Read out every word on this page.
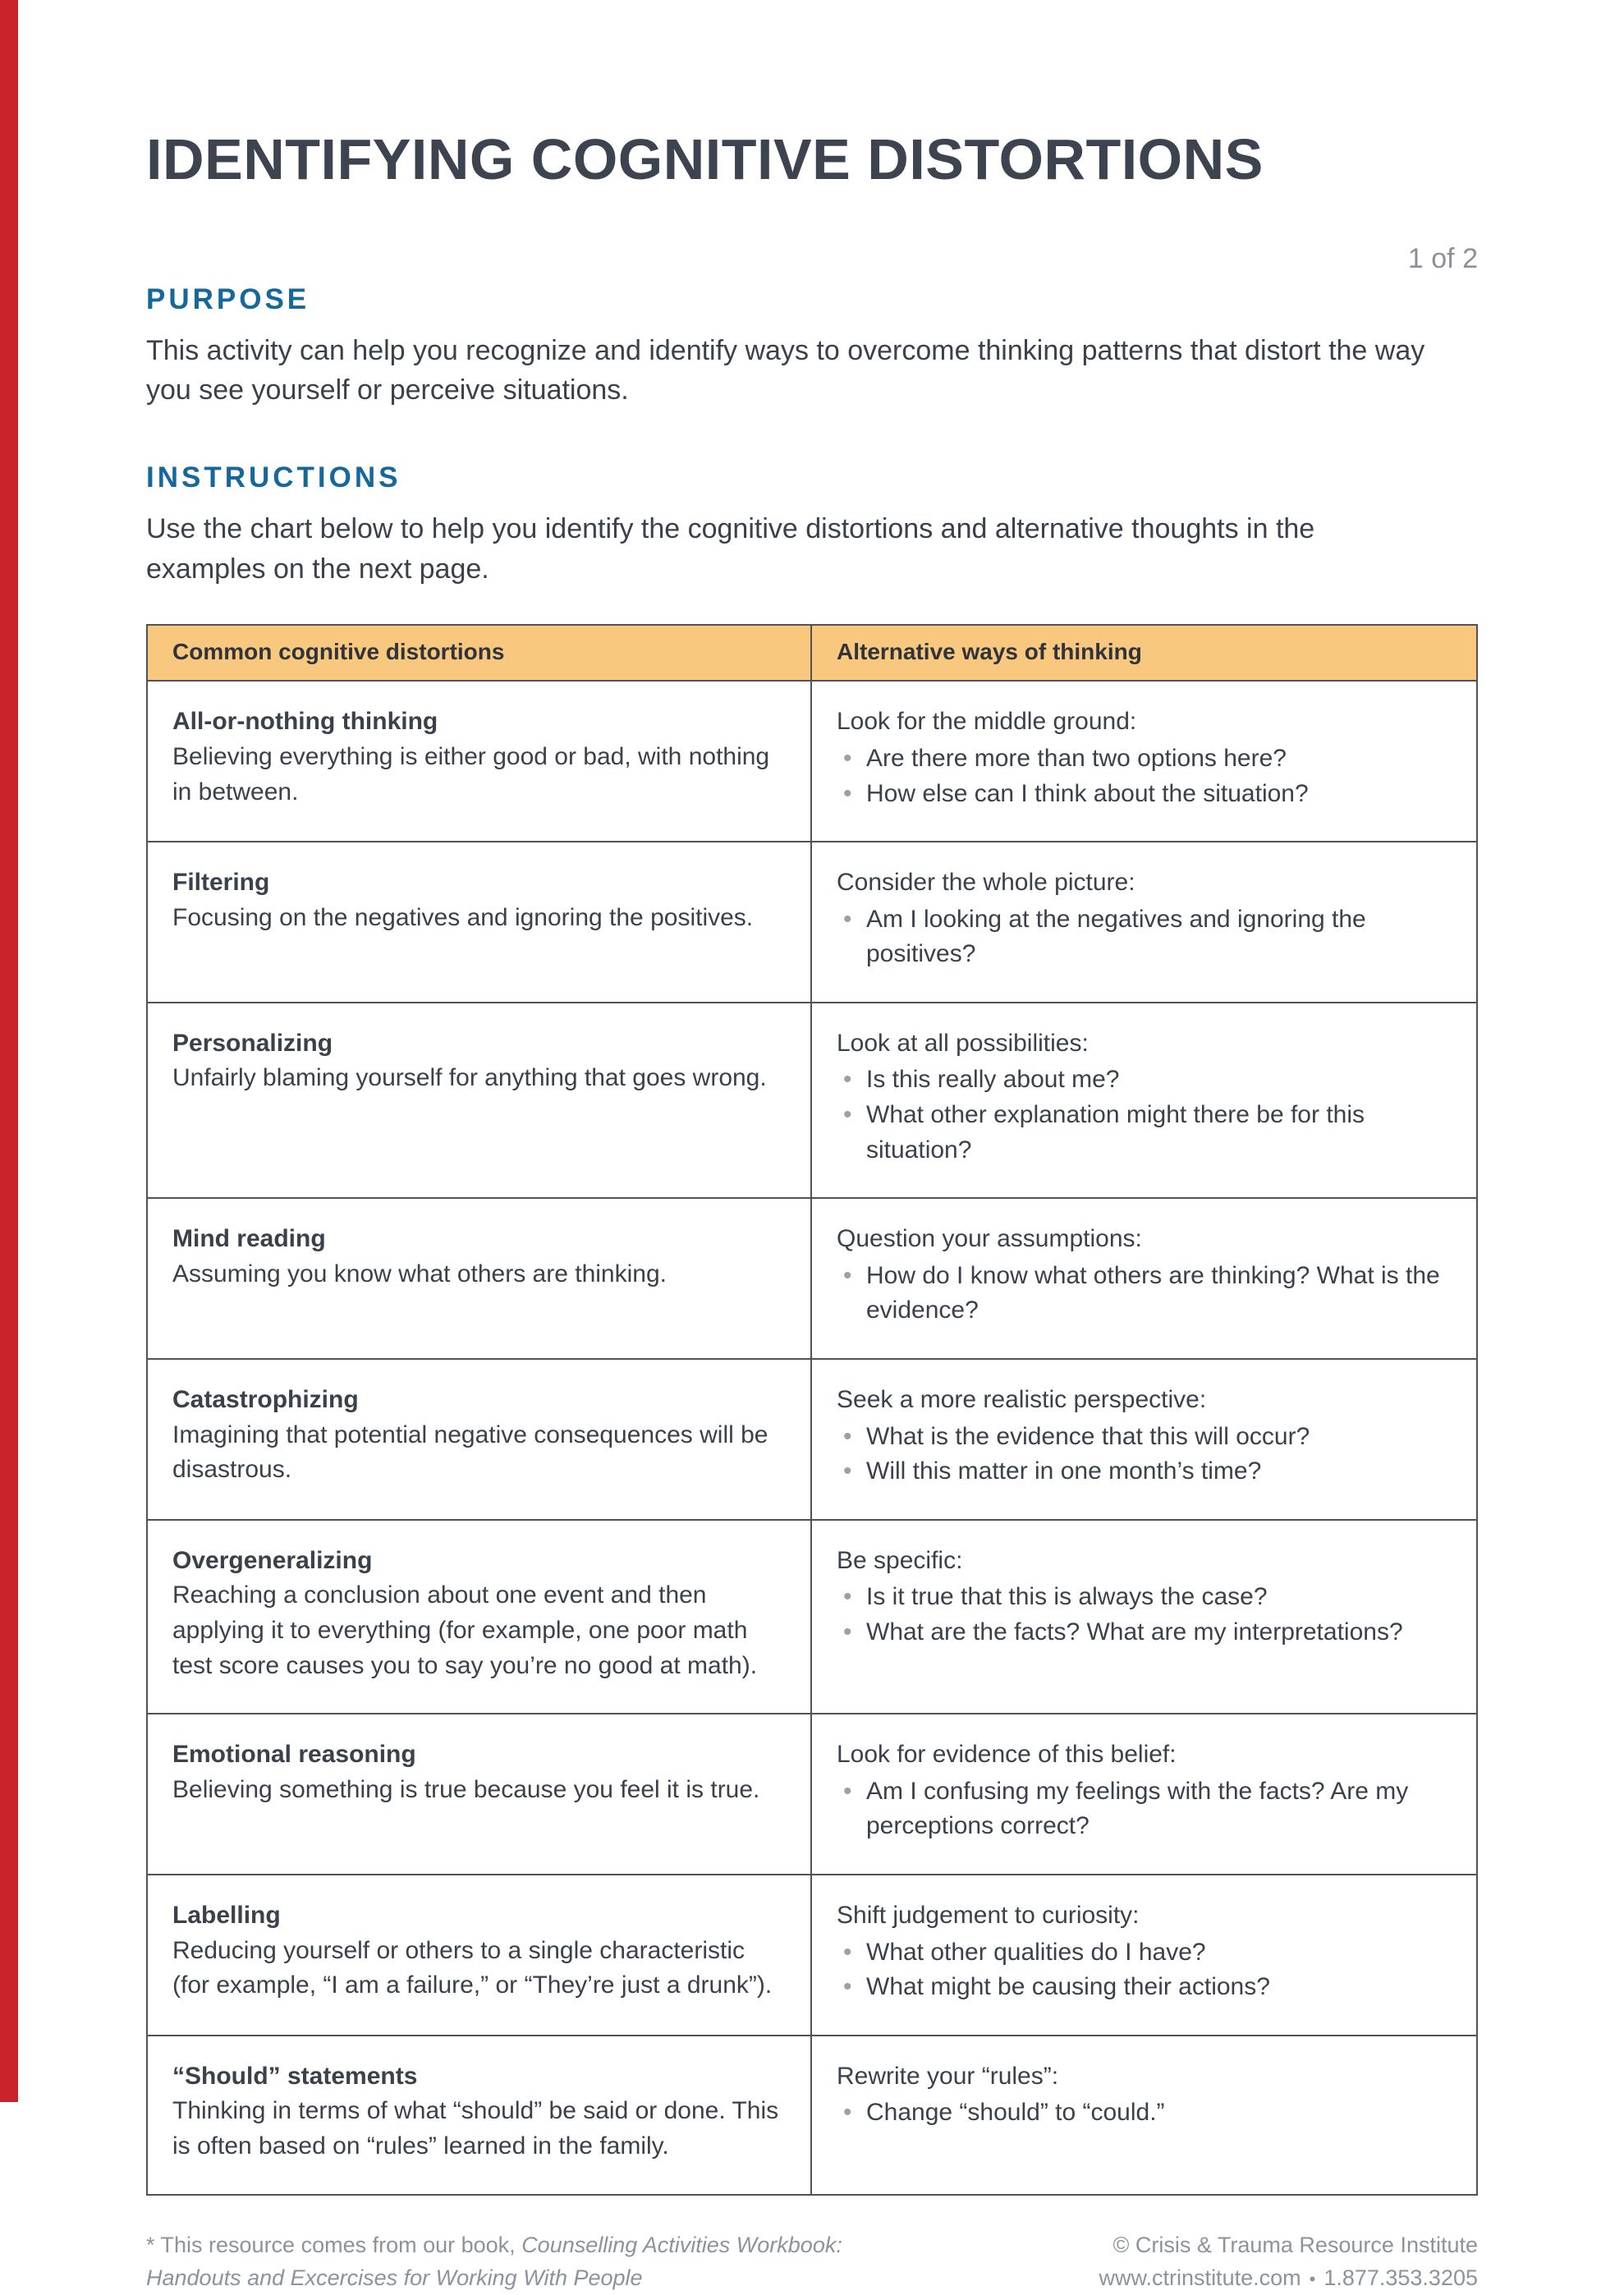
IDENTIFYING COGNITIVE DISTORTIONS
1 of 2
PURPOSE

This activity can help you recognize and identify ways to overcome thinking patterns that distort the way you see yourself or perceive situations.

INSTRUCTIONS

Use the chart below to help you identify the cognitive distortions and alternative thoughts in the examples on the next page.

Common cognitive distortions	Alternative ways of thinking
All-or-nothing thinking
Believing everything is either good or bad, with nothing in between.
Look for the middle ground:
• Are there more than two options here?
• How else can I think about the situation?
Filtering
Focusing on the negatives and ignoring the positives.
Consider the whole picture:
• Am I looking at the negatives and ignoring the positives?
Personalizing
Unfairly blaming yourself for anything that goes wrong.
Look at all possibilities:
• Is this really about me?
• What other explanation might there be for this situation?
Mind reading
Assuming you know what others are thinking.
Question your assumptions:
• How do I know what others are thinking? What is the evidence?
Catastrophizing
Imagining that potential negative consequences will be disastrous.
Seek a more realistic perspective:
• What is the evidence that this will occur?
• Will this matter in one month’s time?
Overgeneralizing
Reaching a conclusion about one event and then applying it to everything (for example, one poor math test score causes you to say you’re no good at math).
Be specific:
• Is it true that this is always the case?
• What are the facts? What are my interpretations?
Emotional reasoning
Believing something is true because you feel it is true.
Look for evidence of this belief:
• Am I confusing my feelings with the facts? Are my perceptions correct?
Labelling
Reducing yourself or others to a single characteristic (for example, “I am a failure,” or “They’re just a drunk”).
Shift judgement to curiosity:
• What other qualities do I have?
• What might be causing their actions?
“Should” statements
Thinking in terms of what “should” be said or done. This is often based on “rules” learned in the family.
Rewrite your “rules”:
• Change “should” to “could.”
* This resource comes from our book, Counselling Activities Workbook:
Handouts and Excercises for Working With People
© Crisis & Trauma Resource Institute
www.ctrinstitute.com • 1.877.353.3205
